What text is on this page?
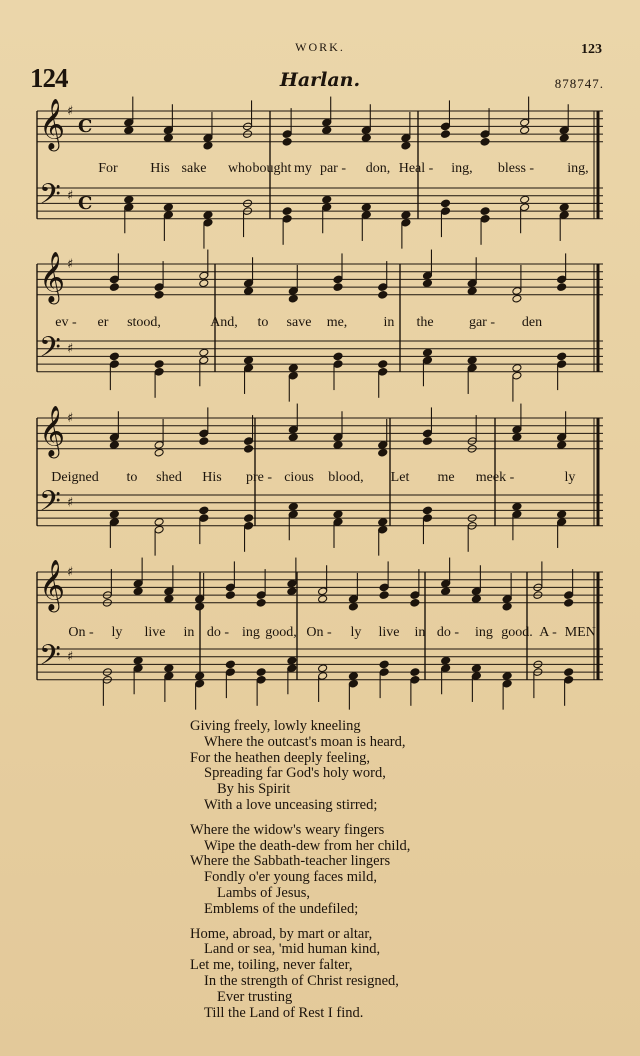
WORK.	123

124	Harlan.	878747.

𝄞 ♯
C
𝄢 ♯ C
𝄞 ♯
𝄢 ♯
𝄞 ♯
𝄢 ♯
𝄞 ♯
𝄢 ♯
For His sake who bought my par - don, Heal - ing, bless - ing,
ev - er stood,	And, to save me,	in the	gar - den
Deigned to shed His pre - cious blood, Let me meek -	ly
On - ly live in do - ing good, On - ly live in do - ing good. A - MEN.
Giving freely, lowly kneeling
Where the outcast's moan is heard,
For the heathen deeply feeling,
Spreading far God's holy word,
By his Spirit
With a love unceasing stirred;
Where the widow's weary fingers
Wipe the death-dew from her child,
Where the Sabbath-teacher lingers
Fondly o'er young faces mild,
Lambs of Jesus,
Emblems of the undefiled;
Home, abroad, by mart or altar,
Land or sea, 'mid human kind,
Let me, toiling, never falter,
In the strength of Christ resigned,
Ever trusting
Till the Land of Rest I find.
